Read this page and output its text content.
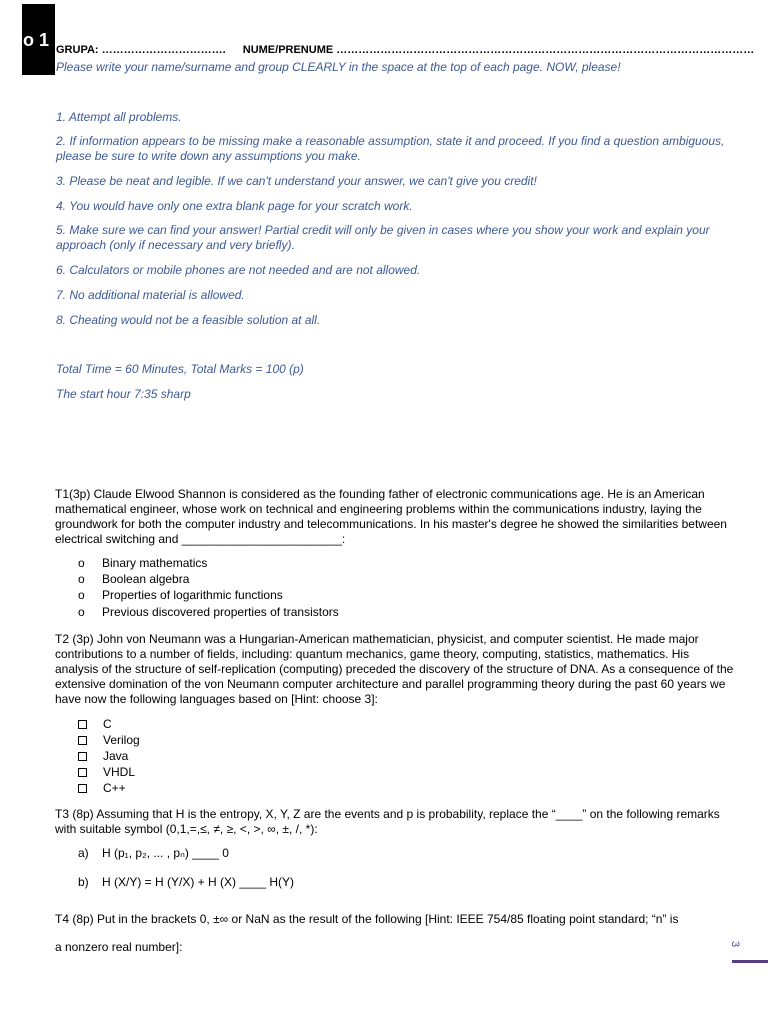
No 1 GRUPA: ……………………………. NUME/PRENUME ……………………………………………………………………………………………………
Please write your name/surname and group CLEARLY in the space at the top of each page. NOW, please!
1. Attempt all problems.
2. If information appears to be missing make a reasonable assumption, state it and proceed. If you find a question ambiguous, please be sure to write down any assumptions you make.
3. Please be neat and legible. If we can't understand your answer, we can't give you credit!
4. You would have only one extra blank page for your scratch work.
5. Make sure we can find your answer! Partial credit will only be given in cases where you show your work and explain your approach (only if necessary and very briefly).
6. Calculators or mobile phones are not needed and are not allowed.
7. No additional material is allowed.
8. Cheating would not be a feasible solution at all.
Total Time = 60 Minutes, Total Marks = 100 (p)
The start hour 7:35 sharp
T1(3p) Claude Elwood Shannon is considered as the founding father of electronic communications age. He is an American mathematical engineer, whose work on technical and engineering problems within the communications industry, laying the groundwork for both the computer industry and telecommunications. In his master's degree he showed the similarities between electrical switching and ________________________:
o Binary mathematics
o Boolean algebra
o Properties of logarithmic functions
o Previous discovered properties of transistors
T2 (3p) John von Neumann was a Hungarian-American mathematician, physicist, and computer scientist. He made major contributions to a number of fields, including: quantum mechanics, game theory, computing, statistics, mathematics. His analysis of the structure of self-replication (computing) preceded the discovery of the structure of DNA. As a consequence of the extensive domination of the von Neumann computer architecture and parallel programming theory during the past 60 years we have now the following languages based on [Hint: choose 3]:
C
Verilog
Java
VHDL
C++
T3 (8p) Assuming that H is the entropy, X, Y, Z are the events and p is probability, replace the “____” on the following remarks with suitable symbol (0,1,=,≤, ≠, ≥, <, >, ∞, ±, /, *):
a) H (p₁, p₂, ... , pₙ) ____ 0
b) H (X/Y) = H (Y/X) + H (X) ____ H(Y)
T4 (8p) Put in the brackets 0, ±∞ or NaN as the result of the following [Hint: IEEE 754/85 floating point standard; “n” is
a nonzero real number]:	3
